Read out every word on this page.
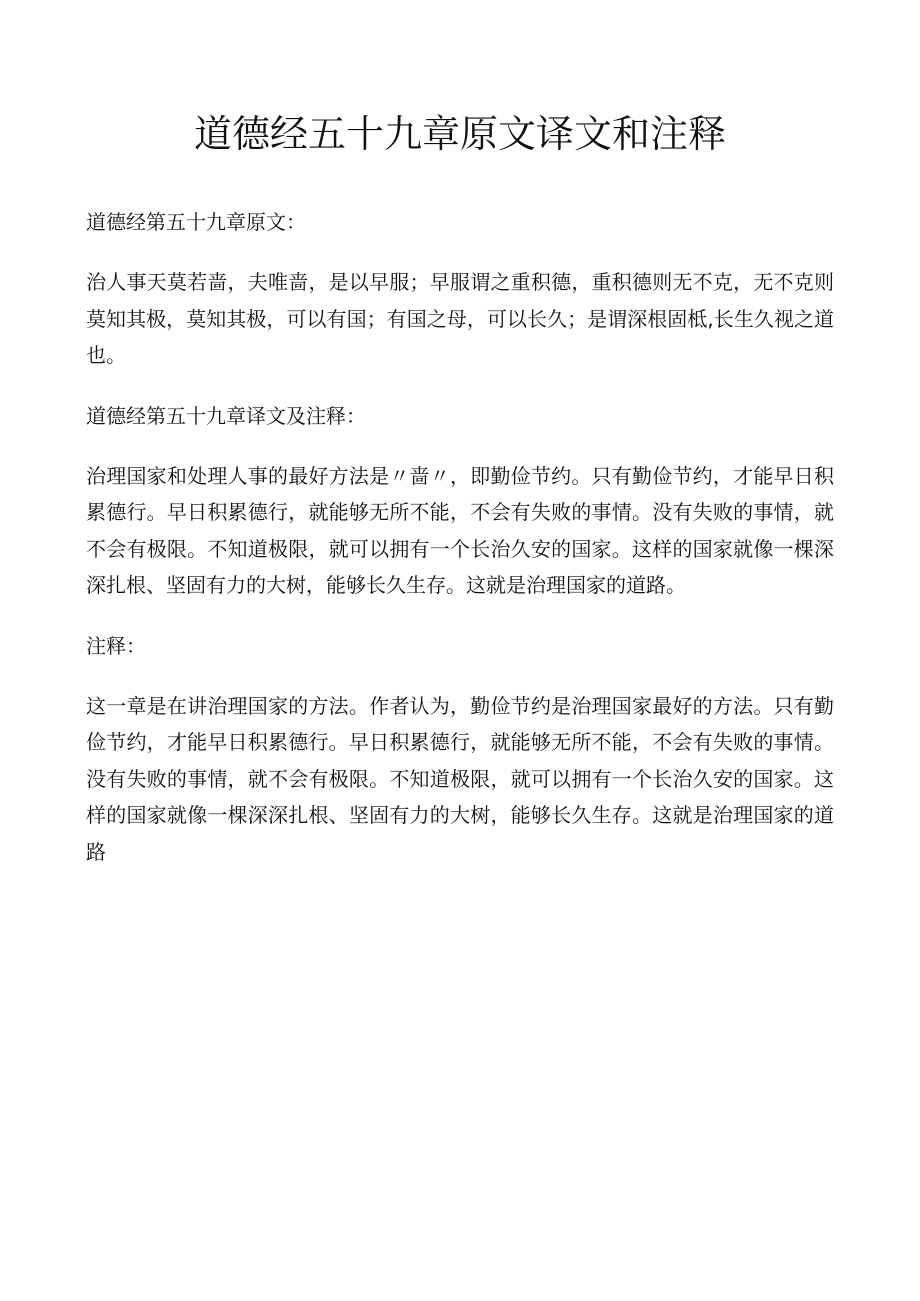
道德经五十九章原文译文和注释

道德经第五十九章原文：

治人事天莫若啬，夫唯啬，是以早服；早服谓之重积德，重积德则无不克，无不克则莫知其极，莫知其极，可以有国；有国之母，可以长久；是谓深根固柢,长生久视之道也。

道德经第五十九章译文及注释：

治理国家和处理人事的最好方法是〃啬〃，即勤俭节约。只有勤俭节约，才能早日积累德行。早日积累德行，就能够无所不能，不会有失败的事情。没有失败的事情，就不会有极限。不知道极限，就可以拥有一个长治久安的国家。这样的国家就像一棵深深扎根、坚固有力的大树，能够长久生存。这就是治理国家的道路。

注释：

这一章是在讲治理国家的方法。作者认为，勤俭节约是治理国家最好的方法。只有勤俭节约，才能早日积累德行。早日积累德行，就能够无所不能，不会有失败的事情。没有失败的事情，就不会有极限。不知道极限，就可以拥有一个长治久安的国家。这样的国家就像一棵深深扎根、坚固有力的大树，能够长久生存。这就是治理国家的道路
